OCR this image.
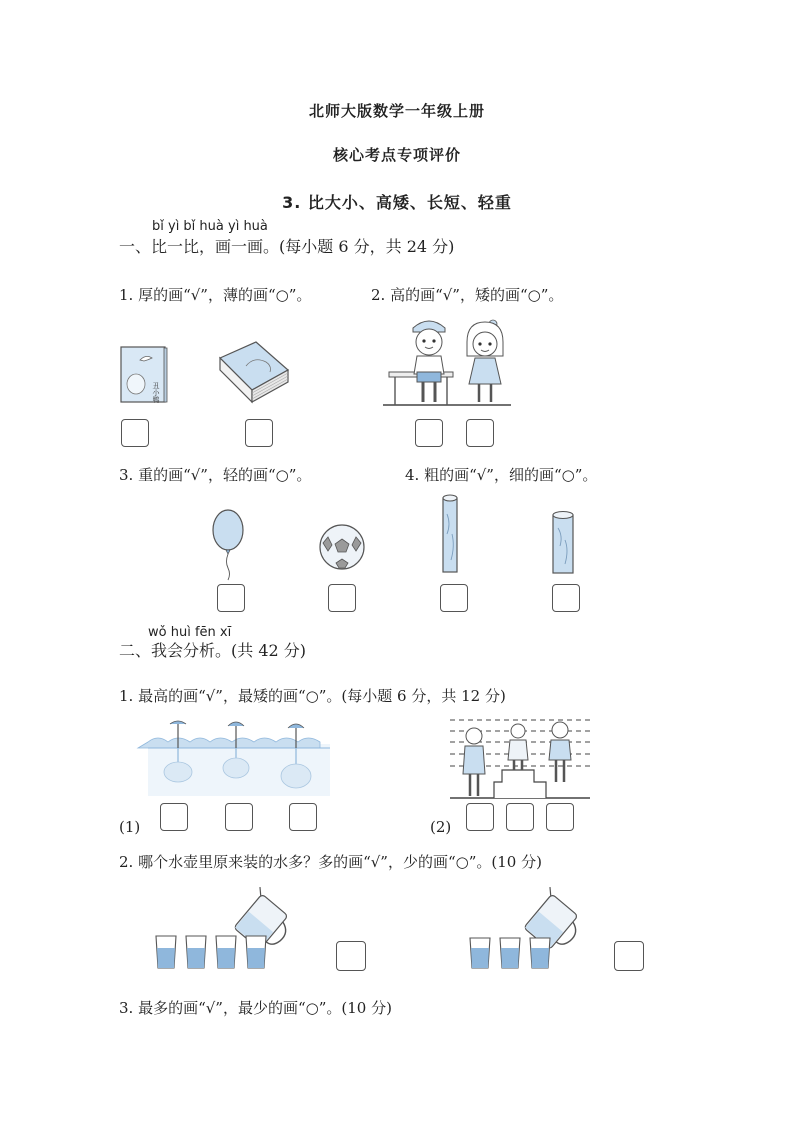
北师大版数学一年级上册
核心考点专项评价
3. 比大小、高矮、长短、轻重
bǐ yì bǐ huà yì huà
一、比一比，画一画。(每小题 6 分，共 24 分)
1. 厚的画“√”，薄的画“○”。	2. 高的画“√”，矮的画“○”。
丑小鸭
3. 重的画“√”，轻的画“○”。	4. 粗的画“√”，细的画“○”。
wǒ huì fēn xī
二、我会分析。(共 42 分)
1. 最高的画“√”，最矮的画“○”。(每小题 6 分，共 12 分)
(1)	(2)
2. 哪个水壶里原来装的水多？多的画“√”，少的画“○”。(10 分)
3. 最多的画“√”，最少的画“○”。(10 分)
